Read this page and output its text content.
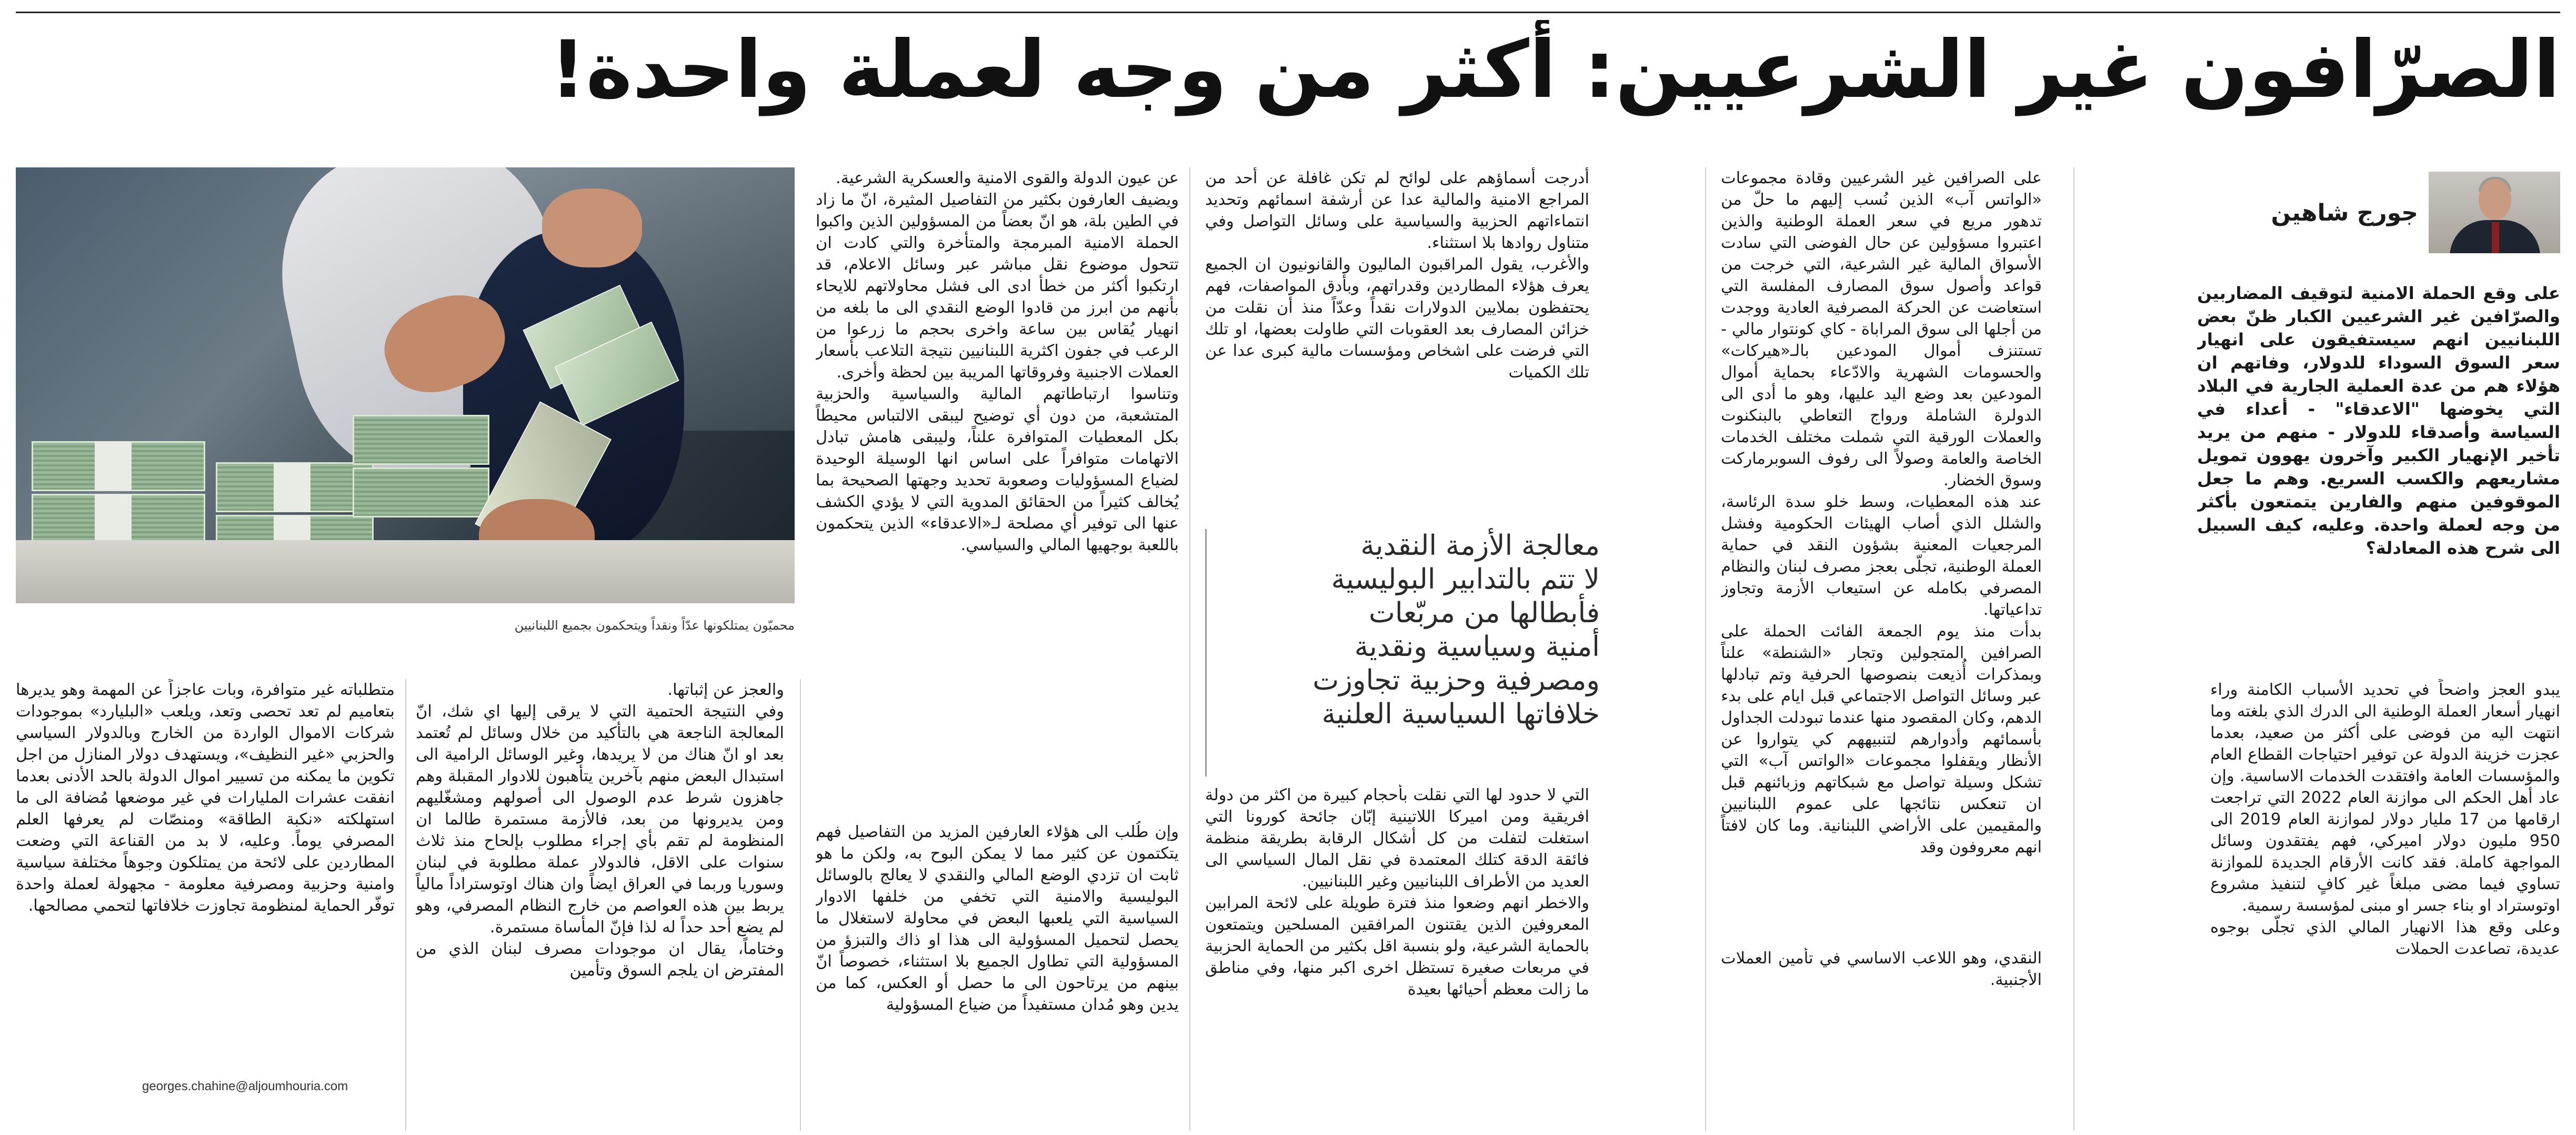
الصرّافون غير الشرعيين: أكثر من وجه لعملة واحدة!
جورج شاهين
على وقع الحملة الامنية لتوقيف المضاربين والصرّافين غير الشرعيين الكبار ظنّ بعض اللبنانيين انهم سيستفيقون على انهيار سعر السوق السوداء للدولار، وفاتهم ان هؤلاء هم من عدة العملية الجارية في البلاد التي يخوضها "الاعدقاء" - أعداء في السياسة وأصدقاء للدولار - منهم من يريد تأخير الإنهيار الكبير وآخرون يهوون تمويل مشاريعهم والكسب السريع. وهم ما جعل الموقوفين منهم والفارين يتمتعون بأكثر من وجه لعملة واحدة. وعليه، كيف السبيل الى شرح هذه المعادلة؟

على الصرافين غير الشرعيين وقادة مجموعات «الواتس آب» الذين نُسب إليهم ما حلّ من تدهور مريع في سعر العملة الوطنية والذين اعتبروا مسؤولين عن حال الفوضى التي سادت الأسواق المالية غير الشرعية، التي خرجت من قواعد وأصول سوق المصارف المفلسة التي استعاضت عن الحركة المصرفية العادية ووجدت من أجلها الى سوق المراباة - كاي كونتوار مالي - تستنزف أموال المودعين بالـ«هيركات» والحسومات الشهرية والادّعاء بحماية أموال المودعين بعد وضع اليد عليها، وهو ما أدى الى الدولرة الشاملة ورواج التعاطي بالبنكنوت والعملات الورقية التي شملت مختلف الخدمات الخاصة والعامة وصولاً الى رفوف السوبرماركت وسوق الخضار.

عند هذه المعطيات، وسط خلو سدة الرئاسة، والشلل الذي أصاب الهيئات الحكومية وفشل المرجعيات المعنية بشؤون النقد في حماية العملة الوطنية، تجلّى بعجز مصرف لبنان والنظام المصرفي بكامله عن استيعاب الأزمة وتجاوز تداعياتها.

بدأت منذ يوم الجمعة الفائت الحملة على الصرافين المتجولين وتجار «الشنطة» علناً وبمذكرات أُذيعت بنصوصها الحرفية وتم تبادلها عبر وسائل التواصل الاجتماعي قبل ايام على بدء الدهم، وكان المقصود منها عندما تبودلت الجداول بأسمائهم وأدوارهم لتنبيههم كي يتواروا عن الأنظار ويقفلوا مجموعات «الواتس آب» التي تشكل وسيلة تواصل مع شبكاتهم وزبائنهم قبل ان تنعكس نتائجها على عموم اللبنانيين والمقيمين على الأراضي اللبنانية. وما كان لافتاً انهم معروفون وقد

أدرجت أسماؤهم على لوائح لم تكن غافلة عن أحد من المراجع الامنية والمالية عدا عن أرشفة اسمائهم وتحديد انتماءاتهم الحزبية والسياسية على وسائل التواصل وفي متناول روادها بلا استثناء.

والأغرب، يقول المراقبون الماليون والقانونيون ان الجميع يعرف هؤلاء المطاردين وقدراتهم، وبأدق المواصفات، فهم يحتفظون بملايين الدولارات نقداً وعدّاً منذ أن نقلت من خزائن المصارف بعد العقوبات التي طاولت بعضها، او تلك التي فرضت على اشخاص ومؤسسات مالية كبرى عدا عن تلك الكميات

عن عيون الدولة والقوى الامنية والعسكرية الشرعية.

ويضيف العارفون بكثير من التفاصيل المثيرة، انّ ما زاد في الطين بلة، هو انّ بعضاً من المسؤولين الذين واكبوا الحملة الامنية المبرمجة والمتأخرة والتي كادت ان تتحول موضوع نقل مباشر عبر وسائل الاعلام، قد ارتكبوا أكثر من خطأ ادى الى فشل محاولاتهم للايحاء بأنهم من ابرز من قادوا الوضع النقدي الى ما بلغه من انهيار يُقاس بين ساعة واخرى بحجم ما زرعوا من الرعب في جفون اكثرية اللبنانيين نتيجة التلاعب بأسعار العملات الاجنبية وفروقاتها المريبة بين لحظة وأخرى.

وتناسوا ارتباطاتهم المالية والسياسية والحزبية المتشعبة، من دون أي توضيح ليبقى الالتباس محيطاً بكل المعطيات المتوافرة علناً، وليبقى هامش تبادل الاتهامات متوافراً على اساس انها الوسيلة الوحيدة لضياع المسؤوليات وصعوبة تحديد وجهتها الصحيحة بما يُخالف كثيراً من الحقائق المدوية التي لا يؤدي الكشف عنها الى توفير أي مصلحة لـ«الاعدقاء» الذين يتحكمون باللعبة بوجهيها المالي والسياسي.	معالجة الأزمة النقدية

لا تتم بالتدابير البوليسية

فأبطالها من مربّعات

أمنية وسياسية ونقدية

ومصرفية وحزبية تجاوزت

خلافاتها السياسية العلنية

محميّون يمتلكونها عدّاً ونقداً ويتحكمون بجميع اللبنانيين

يبدو العجز واضحاً في تحديد الأسباب الكامنة وراء انهيار أسعار العملة الوطنية الى الدرك الذي بلغته وما انتهت اليه من فوضى على أكثر من صعيد، بعدما عجزت خزينة الدولة عن توفير احتياجات القطاع العام والمؤسسات العامة وافتقدت الخدمات الاساسية. وإن عاد أهل الحكم الى موازنة العام 2022 التي تراجعت ارقامها من 17 مليار دولار لموازنة العام 2019 الى 950 مليون دولار اميركي، فهم يفتقدون وسائل المواجهة كاملة. فقد كانت الأرقام الجديدة للموازنة تساوي فيما مضى مبلغاً غير كافٍ لتنفيذ مشروع اوتوستراد او بناء جسر او مبنى لمؤسسة رسمية.

وعلى وقع هذا الانهيار المالي الذي تجلّى بوجوه عديدة، تصاعدت الحملات

النقدي، وهو اللاعب الاساسي في تأمين العملات الأجنبية.

التي لا حدود لها التي نقلت بأحجام كبيرة من اكثر من دولة افريقية ومن اميركا اللاتينية إبّان جائحة كورونا التي استغلت لتفلت من كل أشكال الرقابة بطريقة منظمة فائقة الدقة كتلك المعتمدة في نقل المال السياسي الى العديد من الأطراف اللبنانيين وغير اللبنانيين.

والاخطر انهم وضعوا منذ فترة طويلة على لائحة المرابين المعروفين الذين يقتنون المرافقين المسلحين ويتمتعون بالحماية الشرعية، ولو بنسبة اقل بكثير من الحماية الحزبية في مربعات صغيرة تستظل اخرى اكبر منها، وفي مناطق ما زالت معظم أحيائها بعيدة

وإن طُلب الى هؤلاء العارفين المزيد من التفاصيل فهم يتكتمون عن كثير مما لا يمكن البوح به، ولكن ما هو ثابت ان تزدي الوضع المالي والنقدي لا يعالج بالوسائل البوليسية والامنية التي تخفي من خلفها الادوار السياسية التي يلعبها البعض في محاولة لاستغلال ما يحصل لتحميل المسؤولية الى هذا او ذاك والتبزؤ من المسؤولية التي تطاول الجميع بلا استثناء، خصوصاً انّ بينهم من يرتاحون الى ما حصل أو العكس، كما من يدين وهو مُدان مستفيداً من ضياع المسؤولية

والعجز عن إثباتها.

وفي النتيجة الحتمية التي لا يرقى إليها اي شك، انّ المعالجة الناجعة هي بالتأكيد من خلال وسائل لم تُعتمد بعد او انّ هناك من لا يريدها، وغير الوسائل الرامية الى استبدال البعض منهم بآخرين يتأهبون للادوار المقبلة وهم جاهزون شرط عدم الوصول الى أصولهم ومشغّليهم ومن يديرونها من بعد، فالأزمة مستمرة طالما ان المنظومة لم تقم بأي إجراء مطلوب بإلحاح منذ ثلاث سنوات على الاقل، فالدولار عملة مطلوبة في لبنان وسوريا وربما في العراق ايضاً وان هناك اوتوستراداً مالياً يربط بين هذه العواصم من خارج النظام المصرفي، وهو لم يضع أحد حداً له لذا فإنّ المأساة مستمرة.

وختاماً، يقال ان موجودات مصرف لبنان الذي من المفترض ان يلجم السوق وتأمين

متطلباته غير متوافرة، وبات عاجزاً عن المهمة وهو يديرها بتعاميم لم تعد تحصى وتعد، ويلعب «البليارد» بموجودات شركات الاموال الواردة من الخارج وبالدولار السياسي والحزبي «غير النظيف»، ويستهدف دولار المنازل من اجل تكوين ما يمكنه من تسيير اموال الدولة بالحد الأدنى بعدما انفقت عشرات المليارات في غير موضعها مُضافة الى ما استهلكته «نكبة الطاقة» ومنصّات لم يعرفها العلم المصرفي يوماً. وعليه، لا بد من القناعة التي وضعت المطاردين على لائحة من يمتلكون وجوهاً مختلفة سياسية وامنية وحزبية ومصرفية معلومة - مجهولة لعملة واحدة توفّر الحماية لمنظومة تجاوزت خلافاتها لتحمي مصالحها.

georges.chahine@aljoumhouria.com
